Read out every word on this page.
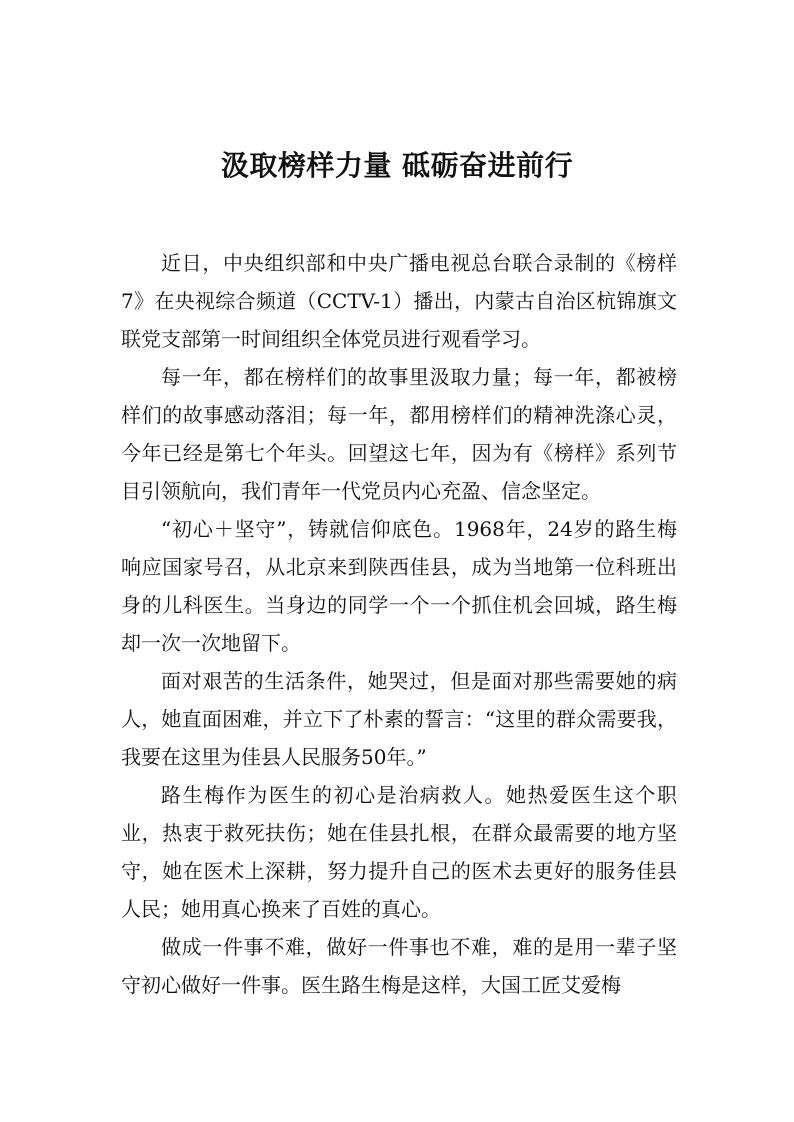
汲取榜样力量 砥砺奋进前行

近日，中央组织部和中央广播电视总台联合录制的《榜样7》在央视综合频道（CCTV-1）播出，内蒙古自治区杭锦旗文联党支部第一时间组织全体党员进行观看学习。

每一年，都在榜样们的故事里汲取力量；每一年，都被榜样们的故事感动落泪；每一年，都用榜样们的精神洗涤心灵，今年已经是第七个年头。回望这七年，因为有《榜样》系列节目引领航向，我们青年一代党员内心充盈、信念坚定。

“初心＋坚守”，铸就信仰底色。1968年，24岁的路生梅响应国家号召，从北京来到陕西佳县，成为当地第一位科班出身的儿科医生。当身边的同学一个一个抓住机会回城，路生梅却一次一次地留下。

面对艰苦的生活条件，她哭过，但是面对那些需要她的病人，她直面困难，并立下了朴素的誓言：“这里的群众需要我，我要在这里为佳县人民服务50年。”

路生梅作为医生的初心是治病救人。她热爱医生这个职业，热衷于救死扶伤；她在佳县扎根，在群众最需要的地方坚守，她在医术上深耕，努力提升自己的医术去更好的服务佳县人民；她用真心换来了百姓的真心。

做成一件事不难，做好一件事也不难，难的是用一辈子坚守初心做好一件事。医生路生梅是这样，大国工匠艾爱梅
